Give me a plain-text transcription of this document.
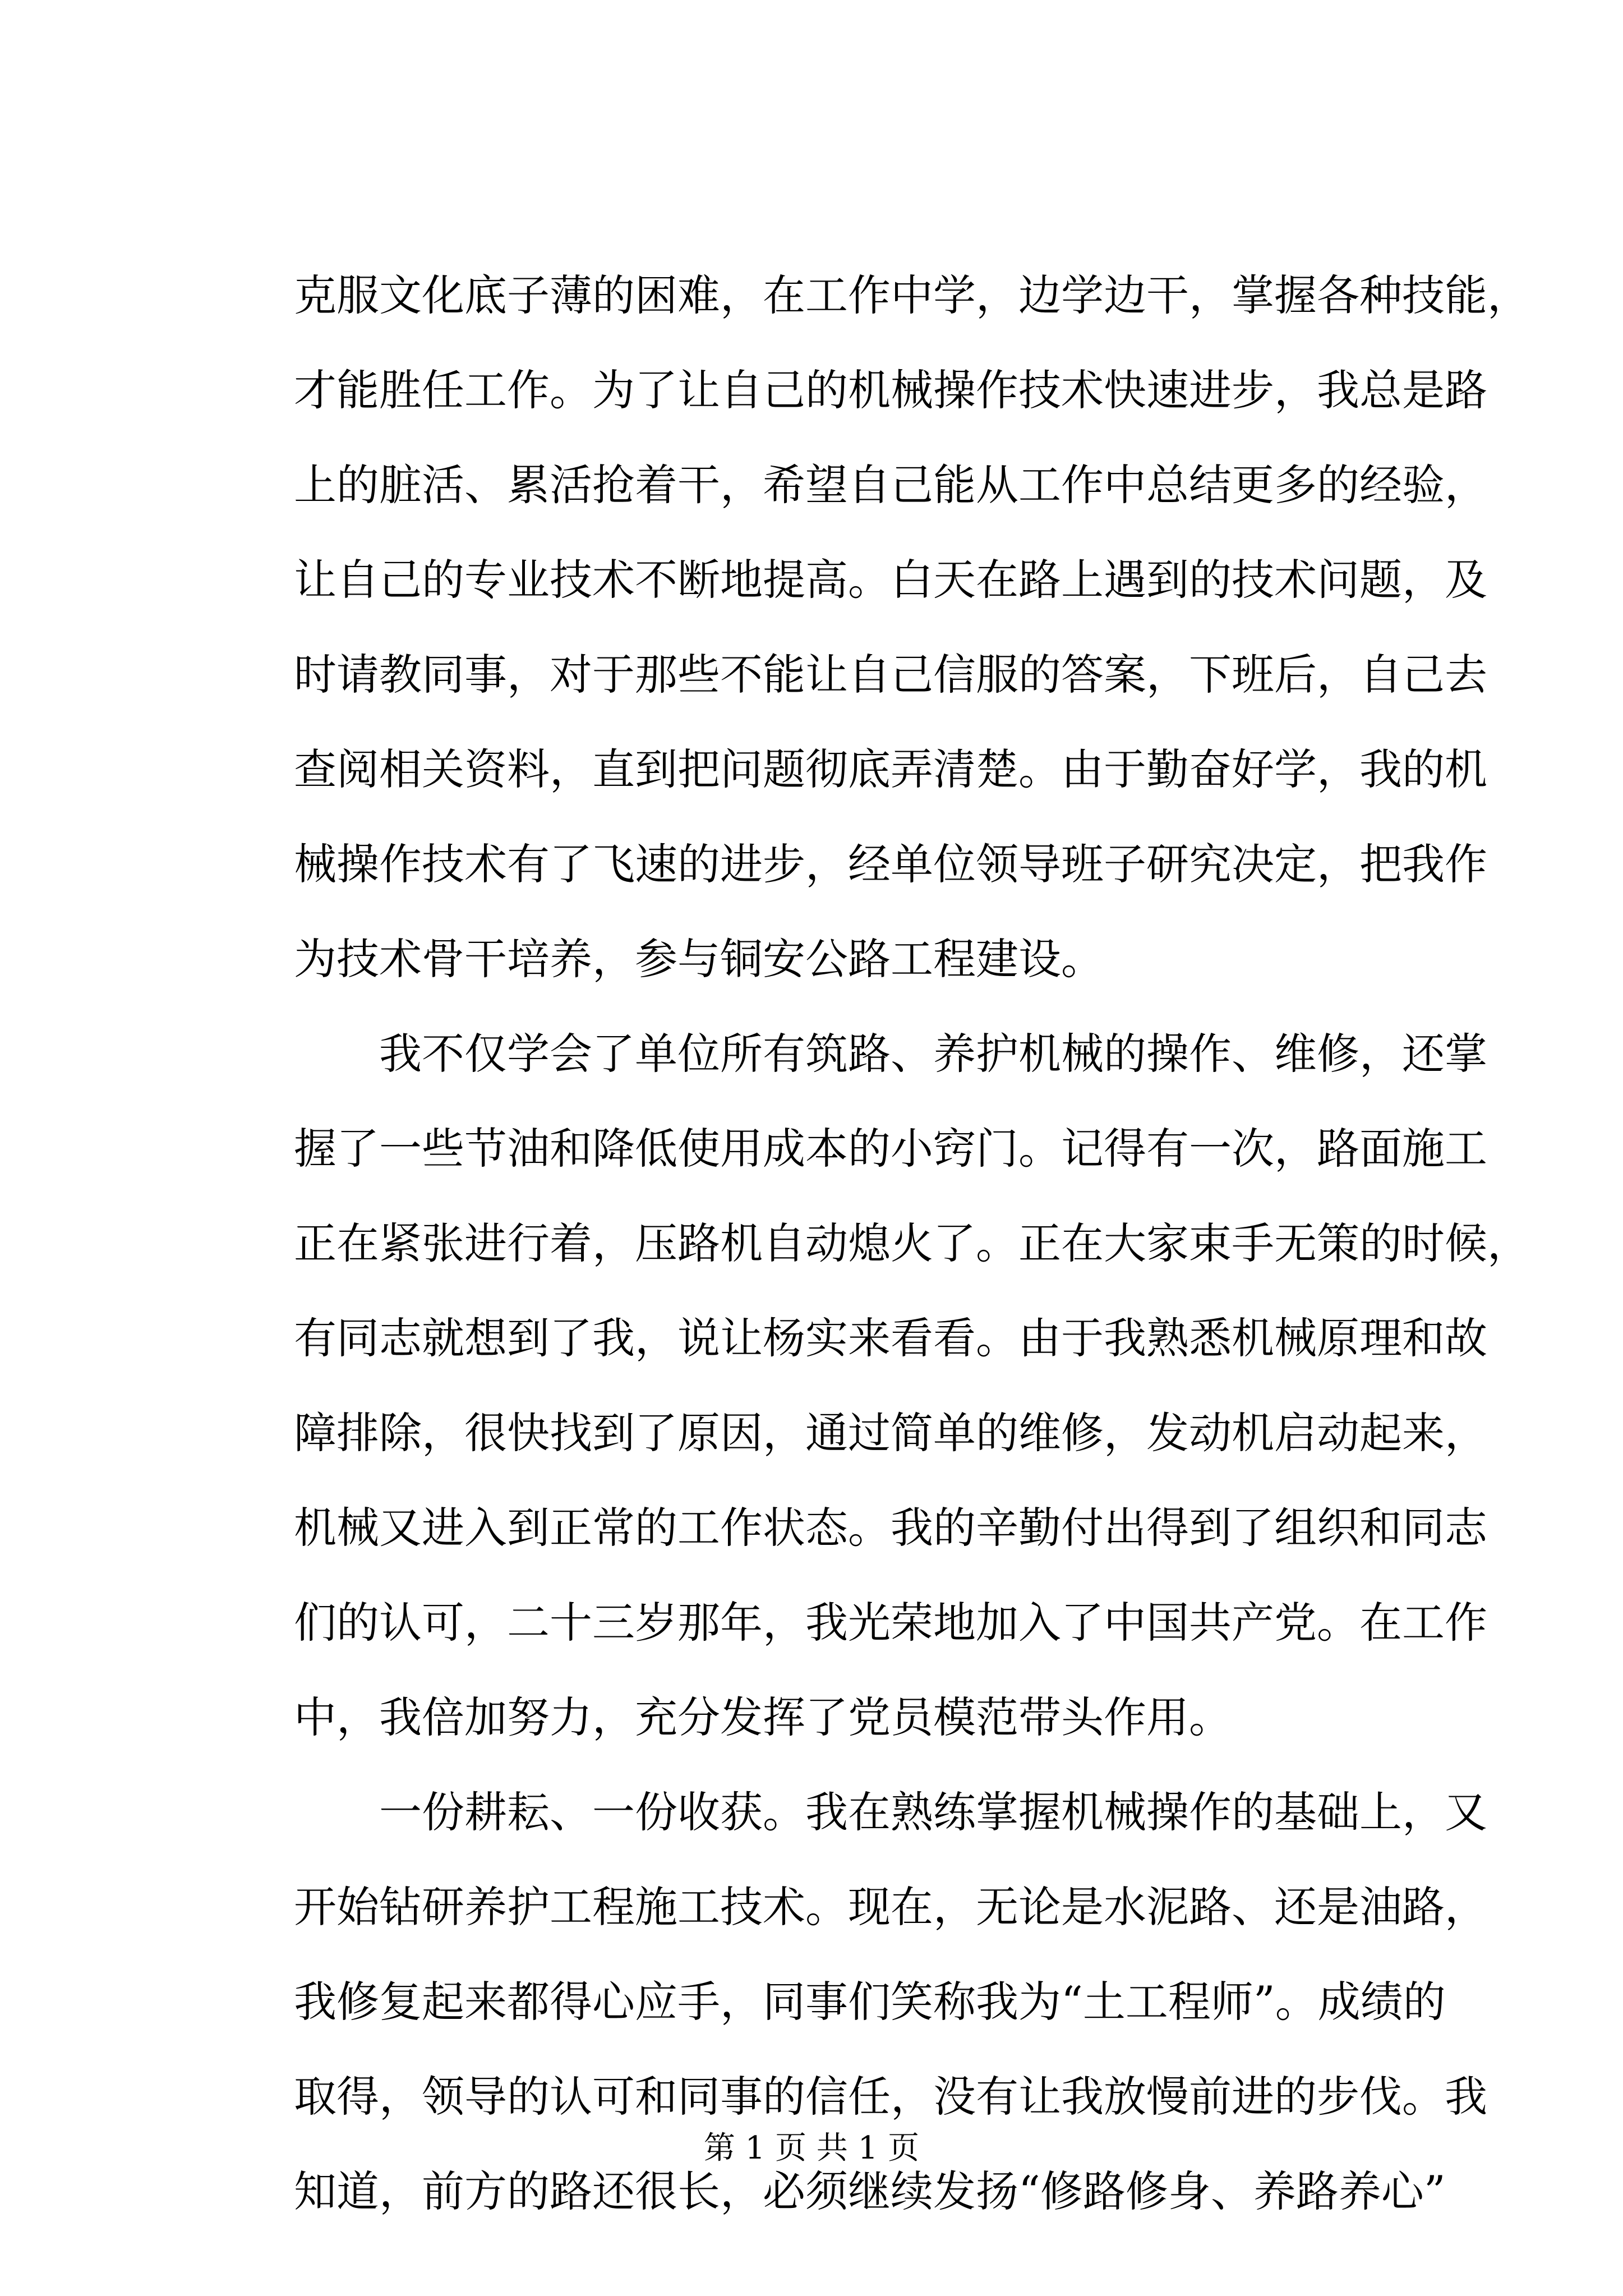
克服文化底子薄的困难，在工作中学，边学边干，掌握各种技能，
才能胜任工作。为了让自己的机械操作技术快速进步，我总是路
上的脏活、累活抢着干，希望自己能从工作中总结更多的经验，
让自己的专业技术不断地提高。白天在路上遇到的技术问题，及
时请教同事，对于那些不能让自己信服的答案，下班后，自己去
查阅相关资料，直到把问题彻底弄清楚。由于勤奋好学，我的机
械操作技术有了飞速的进步，经单位领导班子研究决定，把我作
为技术骨干培养，参与铜安公路工程建设。
我不仅学会了单位所有筑路、养护机械的操作、维修，还掌
握了一些节油和降低使用成本的小窍门。记得有一次，路面施工
正在紧张进行着，压路机自动熄火了。正在大家束手无策的时候，
有同志就想到了我，说让杨实来看看。由于我熟悉机械原理和故
障排除，很快找到了原因，通过简单的维修，发动机启动起来，
机械又进入到正常的工作状态。我的辛勤付出得到了组织和同志
们的认可，二十三岁那年，我光荣地加入了中国共产党。在工作
中，我倍加努力，充分发挥了党员模范带头作用。
一份耕耘、一份收获。我在熟练掌握机械操作的基础上，又
开始钻研养护工程施工技术。现在，无论是水泥路、还是油路，
我修复起来都得心应手，同事们笑称我为“土工程师”。成绩的
取得，领导的认可和同事的信任，没有让我放慢前进的步伐。我
知道，前方的路还很长，必须继续发扬“修路修身、养路养心”
第 1 页 共 1 页
